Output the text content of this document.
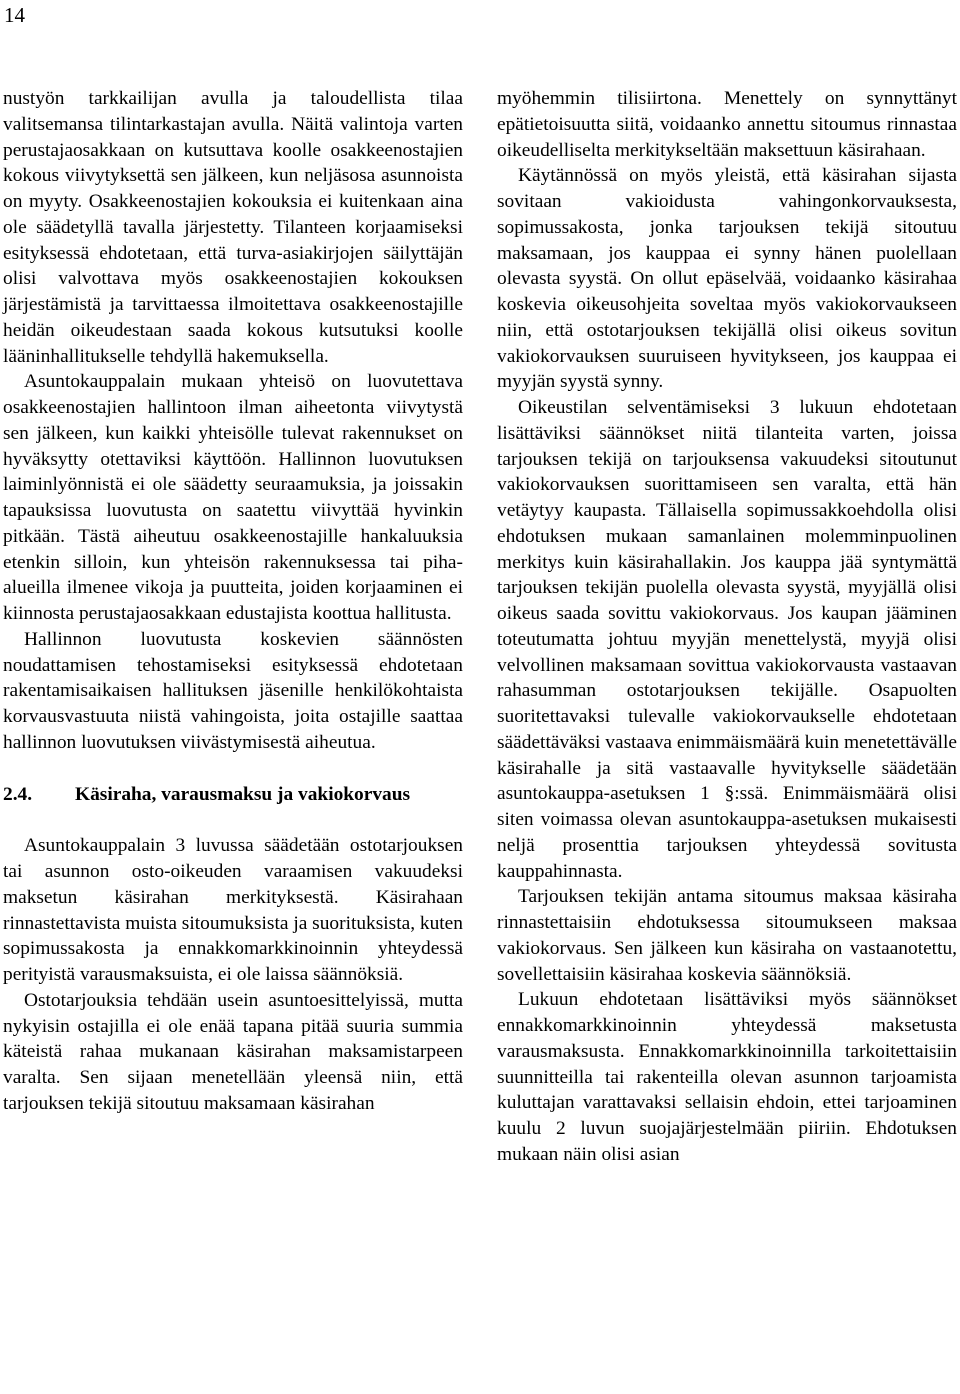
14

nustyön tarkkailijan avulla ja taloudellista tilaa valitsemansa tilintarkastajan avulla. Näitä valintoja varten perustajaosakkaan on kutsuttava koolle osakkeenostajien kokous viivytyksettä sen jälkeen, kun neljäsosa asunnoista on myyty. Osakkeenostajien kokouksia ei kuitenkaan aina ole säädetyllä tavalla järjestetty. Tilanteen korjaamiseksi esityksessä ehdotetaan, että turva-asiakirjojen säilyttäjän olisi valvottava myös osakkeenostajien kokouksen järjestämistä ja tarvittaessa ilmoitettava osakkeenostajille heidän oikeudestaan saada kokous kutsutuksi koolle lääninhallitukselle tehdyllä hakemuksella.

Asuntokauppalain mukaan yhteisö on luovutettava osakkeenostajien hallintoon ilman aiheetonta viivytystä sen jälkeen, kun kaikki yhteisölle tulevat rakennukset on hyväksytty otettaviksi käyttöön. Hallinnon luovutuksen laiminlyönnistä ei ole säädetty seuraamuksia, ja joissakin tapauksissa luovutusta on saatettu viivyttää hyvinkin pitkään. Tästä aiheutuu osakkeenostajille hankaluuksia etenkin silloin, kun yhteisön rakennuksessa tai piha-alueilla ilmenee vikoja ja puutteita, joiden korjaaminen ei kiinnosta perustajaosakkaan edustajista koottua hallitusta.

Hallinnon luovutusta koskevien säännösten noudattamisen tehostamiseksi esityksessä ehdotetaan rakentamisaikaisen hallituksen jäsenille henkilökohtaista korvausvastuuta niistä vahingoista, joita ostajille saattaa hallinnon luovutuksen viivästymisestä aiheutua.

2.4.	Käsiraha, varausmaksu ja vakiokorvaus

Asuntokauppalain 3 luvussa säädetään ostotarjouksen tai asunnon osto-oikeuden varaamisen vakuudeksi maksetun käsirahan merkityksestä. Käsirahaan rinnastettavista muista sitoumuksista ja suorituksista, kuten sopimussakosta ja ennakkomarkkinoinnin yhteydessä perityistä varausmaksuista, ei ole laissa säännöksiä.

Ostotarjouksia tehdään usein asuntoesittelyissä, mutta nykyisin ostajilla ei ole enää tapana pitää suuria summia käteistä rahaa mukanaan käsirahan maksamistarpeen varalta. Sen sijaan menetellään yleensä niin, että tarjouksen tekijä sitoutuu maksamaan käsirahan

myöhemmin tilisiirtona. Menettely on synnyttänyt epätietoisuutta siitä, voidaanko annettu sitoumus rinnastaa oikeudelliselta merkitykseltään maksettuun käsirahaan.

Käytännössä on myös yleistä, että käsirahan sijasta sovitaan vakioidusta vahingonkorvauksesta, sopimussakosta, jonka tarjouksen tekijä sitoutuu maksamaan, jos kauppaa ei synny hänen puolellaan olevasta syystä. On ollut epäselvää, voidaanko käsirahaa koskevia oikeusohjeita soveltaa myös vakiokorvaukseen niin, että ostotarjouksen tekijällä olisi oikeus sovitun vakiokorvauksen suuruiseen hyvitykseen, jos kauppaa ei myyjän syystä synny.

Oikeustilan selventämiseksi 3 lukuun ehdotetaan lisättäviksi säännökset niitä tilanteita varten, joissa tarjouksen tekijä on tarjouksensa vakuudeksi sitoutunut vakiokorvauksen suorittamiseen sen varalta, että hän vetäytyy kaupasta. Tällaisella sopimussakkoehdolla olisi ehdotuksen mukaan samanlainen molemminpuolinen merkitys kuin käsirahallakin. Jos kauppa jää syntymättä tarjouksen tekijän puolella olevasta syystä, myyjällä olisi oikeus saada sovittu vakiokorvaus. Jos kaupan jääminen toteutumatta johtuu myyjän menettelystä, myyjä olisi velvollinen maksamaan sovittua vakiokorvausta vastaavan rahasumman ostotarjouksen tekijälle. Osapuolten suoritettavaksi tulevalle vakiokorvaukselle ehdotetaan säädettäväksi vastaava enimmäismäärä kuin menetettävälle käsirahalle ja sitä vastaavalle hyvitykselle säädetään asuntokauppa-asetuksen 1 §:ssä. Enimmäismäärä olisi siten voimassa olevan asuntokauppa-asetuksen mukaisesti neljä prosenttia tarjouksen yhteydessä sovitusta kauppahinnasta.

Tarjouksen tekijän antama sitoumus maksaa käsiraha rinnastettaisiin ehdotuksessa sitoumukseen maksaa vakiokorvaus. Sen jälkeen kun käsiraha on vastaanotettu, sovellettaisiin käsirahaa koskevia säännöksiä.

Lukuun ehdotetaan lisättäviksi myös säännökset ennakkomarkkinoinnin yhteydessä maksetusta varausmaksusta. Ennakkomarkkinoinnilla tarkoitettaisiin suunnitteilla tai rakenteilla olevan asunnon tarjoamista kuluttajan varattavaksi sellaisin ehdoin, ettei tarjoaminen kuulu 2 luvun suojajärjestelmään piiriin. Ehdotuksen mukaan näin olisi asian
